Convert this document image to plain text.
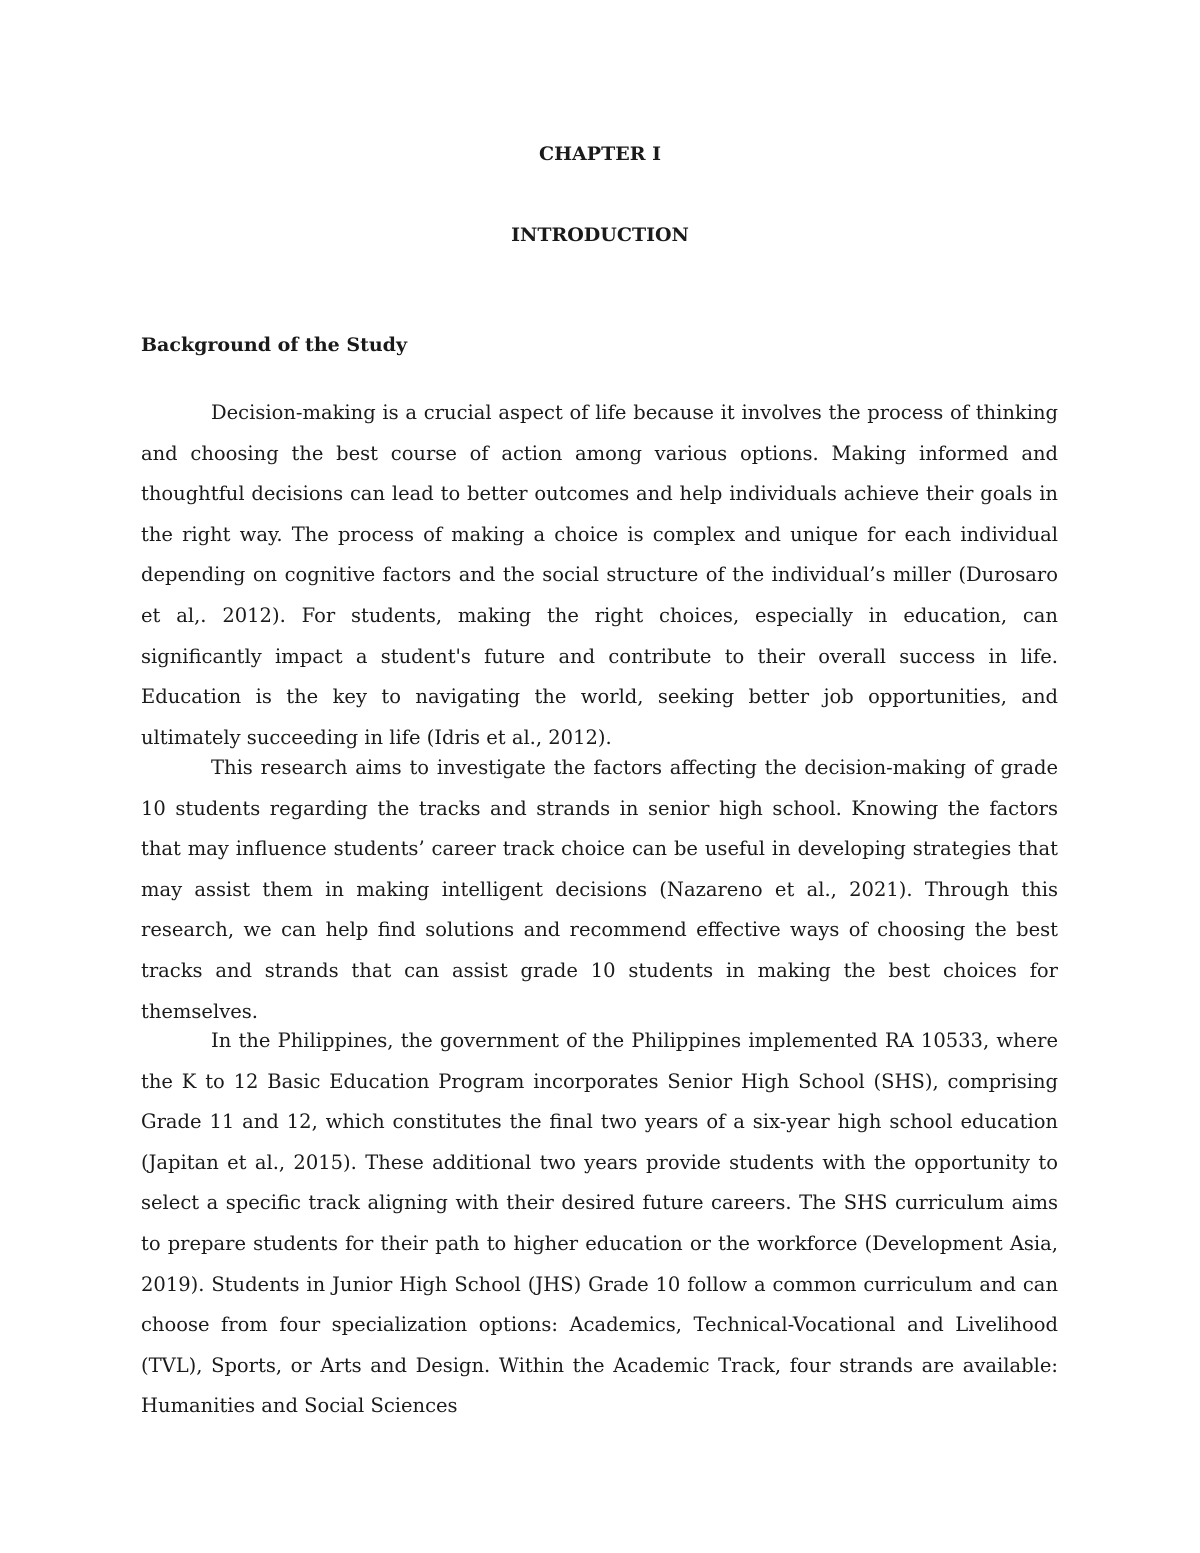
CHAPTER I
INTRODUCTION
Background of the Study

Decision-making is a crucial aspect of life because it involves the process of thinking and choosing the best course of action among various options. Making informed and thoughtful decisions can lead to better outcomes and help individuals achieve their goals in the right way. The process of making a choice is complex and unique for each individual depending on cognitive factors and the social structure of the individual’s miller (Durosaro et al,. 2012). For students, making the right choices, especially in education, can significantly impact a student's future and contribute to their overall success in life. Education is the key to navigating the world, seeking better job opportunities, and ultimately succeeding in life (Idris et al., 2012).

This research aims to investigate the factors affecting the decision-making of grade 10 students regarding the tracks and strands in senior high school. Knowing the factors that may influence students’ career track choice can be useful in developing strategies that may assist them in making intelligent decisions (Nazareno et al., 2021). Through this research, we can help find solutions and recommend effective ways of choosing the best tracks and strands that can assist grade 10 students in making the best choices for themselves.

In the Philippines, the government of the Philippines implemented RA 10533, where the K to 12 Basic Education Program incorporates Senior High School (SHS), comprising Grade 11 and 12, which constitutes the final two years of a six-year high school education (Japitan et al., 2015). These additional two years provide students with the opportunity to select a specific track aligning with their desired future careers. The SHS curriculum aims to prepare students for their path to higher education or the workforce (Development Asia, 2019). Students in Junior High School (JHS) Grade 10 follow a common curriculum and can choose from four specialization options: Academics, Technical-Vocational and Livelihood (TVL), Sports, or Arts and Design. Within the Academic Track, four strands are available: Humanities and Social Sciences
